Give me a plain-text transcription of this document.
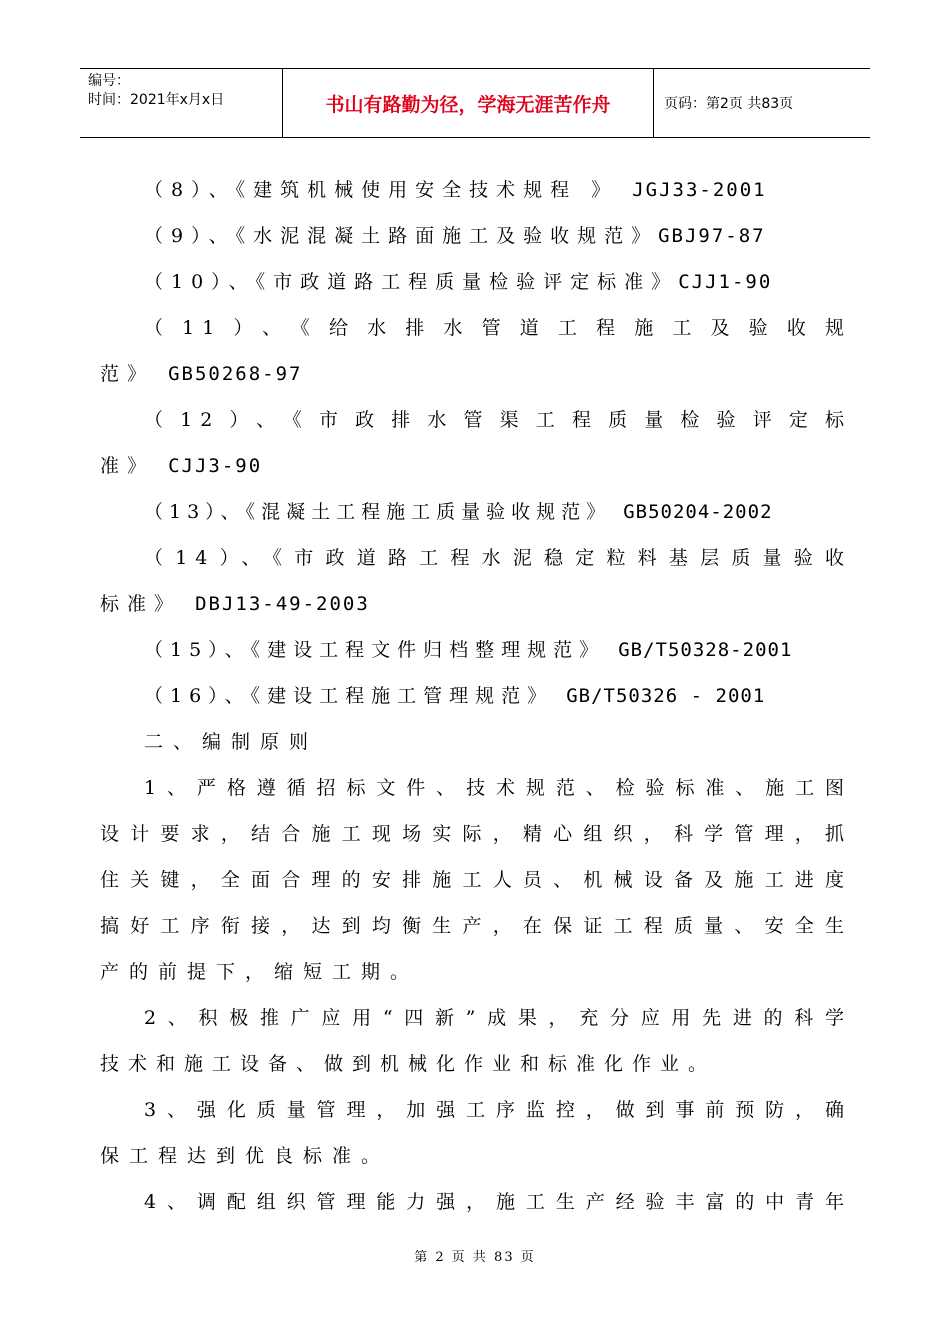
编号：
时间：2021年x月x日	书山有路勤为径，学海无涯苦作舟	页码：第2页 共83页
（8）、《建筑机械使用安全技术规程 》 JGJ33-2001
（9）、《水泥混凝土路面施工及验收规范》GBJ97-87
（10）、《市政道路工程质量检验评定标准》CJJ1-90
（11）、《给水排水管道工程施工及验收规
范》 GB50268-97
（12）、《市政排水管渠工程质量检验评定标
准》 CJJ3-90
（13）、《混凝土工程施工质量验收规范》 GB50204-2002
（14）、《市政道路工程水泥稳定粒料基层质量验收
标准》 DBJ13-49-2003
（15）、《建设工程文件归档整理规范》 GB/T50328-2001
（16）、《建设工程施工管理规范》 GB/T50326 - 2001
二、编制原则
1、严格遵循招标文件、技术规范、检验标准、施工图
设计要求，结合施工现场实际，精心组织，科学管理，抓
住关键，全面合理的安排施工人员、机械设备及施工进度
搞好工序衔接，达到均衡生产，在保证工程质量、安全生
产的前提下，缩短工期。
2、积极推广应用“四新”成果，充分应用先进的科学
技术和施工设备、做到机械化作业和标准化作业。
3、强化质量管理，加强工序监控，做到事前预防，确
保工程达到优良标准。
4、调配组织管理能力强，施工生产经验丰富的中青年
第 2 页 共 83 页
